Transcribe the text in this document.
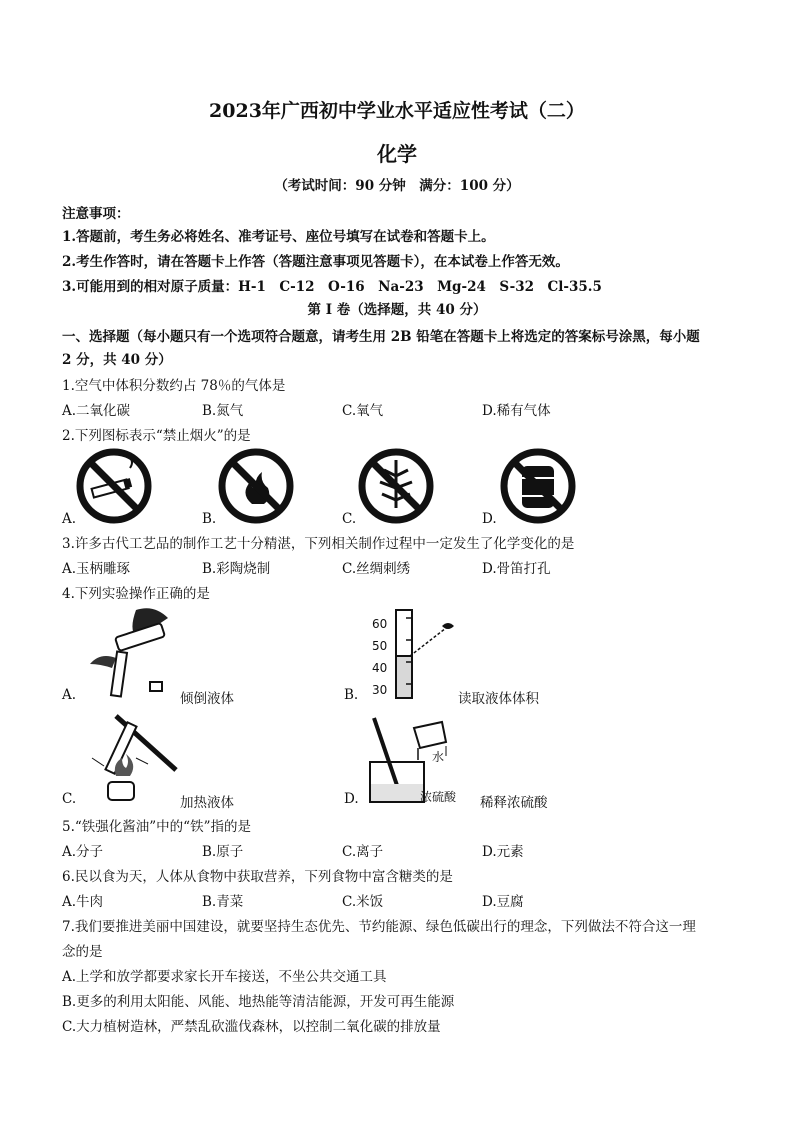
2023年广西初中学业水平适应性考试（二）
化学
（考试时间：90 分钟　满分：100 分）
注意事项：
1.答题前，考生务必将姓名、准考证号、座位号填写在试卷和答题卡上。
2.考生作答时，请在答题卡上作答（答题注意事项见答题卡），在本试卷上作答无效。
3.可能用到的相对原子质量：H-1　C-12　O-16　Na-23　Mg-24　S-32　Cl-35.5
第 Ⅰ 卷（选择题，共 40 分）
一、选择题（每小题只有一个选项符合题意，请考生用 2B 铅笔在答题卡上将选定的答案标号涂黑，每小题
2 分，共 40 分）
1.空气中体积分数约占 78％的气体是
A.二氧化碳	B.氮气	C.氧气	D.稀有气体
2.下列图标表示“禁止烟火”的是
A.	B.	C.	D.
3.许多古代工艺品的制作工艺十分精湛，下列相关制作过程中一定发生了化学变化的是
A.玉柄雕琢	B.彩陶烧制	C.丝绸刺绣	D.骨笛打孔
4.下列实验操作正确的是
A.	倾倒液体
60
50
40
30
B.	读取液体体积
C.	加热液体
水
浓硫酸
D.	稀释浓硫酸
5.“铁强化酱油”中的“铁”指的是
A.分子	B.原子	C.离子	D.元素
6.民以食为天，人体从食物中获取营养，下列食物中富含糖类的是
A.牛肉	B.青菜	C.米饭	D.豆腐
7.我们要推进美丽中国建设，就要坚持生态优先、节约能源、绿色低碳出行的理念，下列做法不符合这一理
念的是
A.上学和放学都要求家长开车接送，不坐公共交通工具
B.更多的利用太阳能、风能、地热能等清洁能源，开发可再生能源
C.大力植树造林，严禁乱砍滥伐森林，以控制二氧化碳的排放量
